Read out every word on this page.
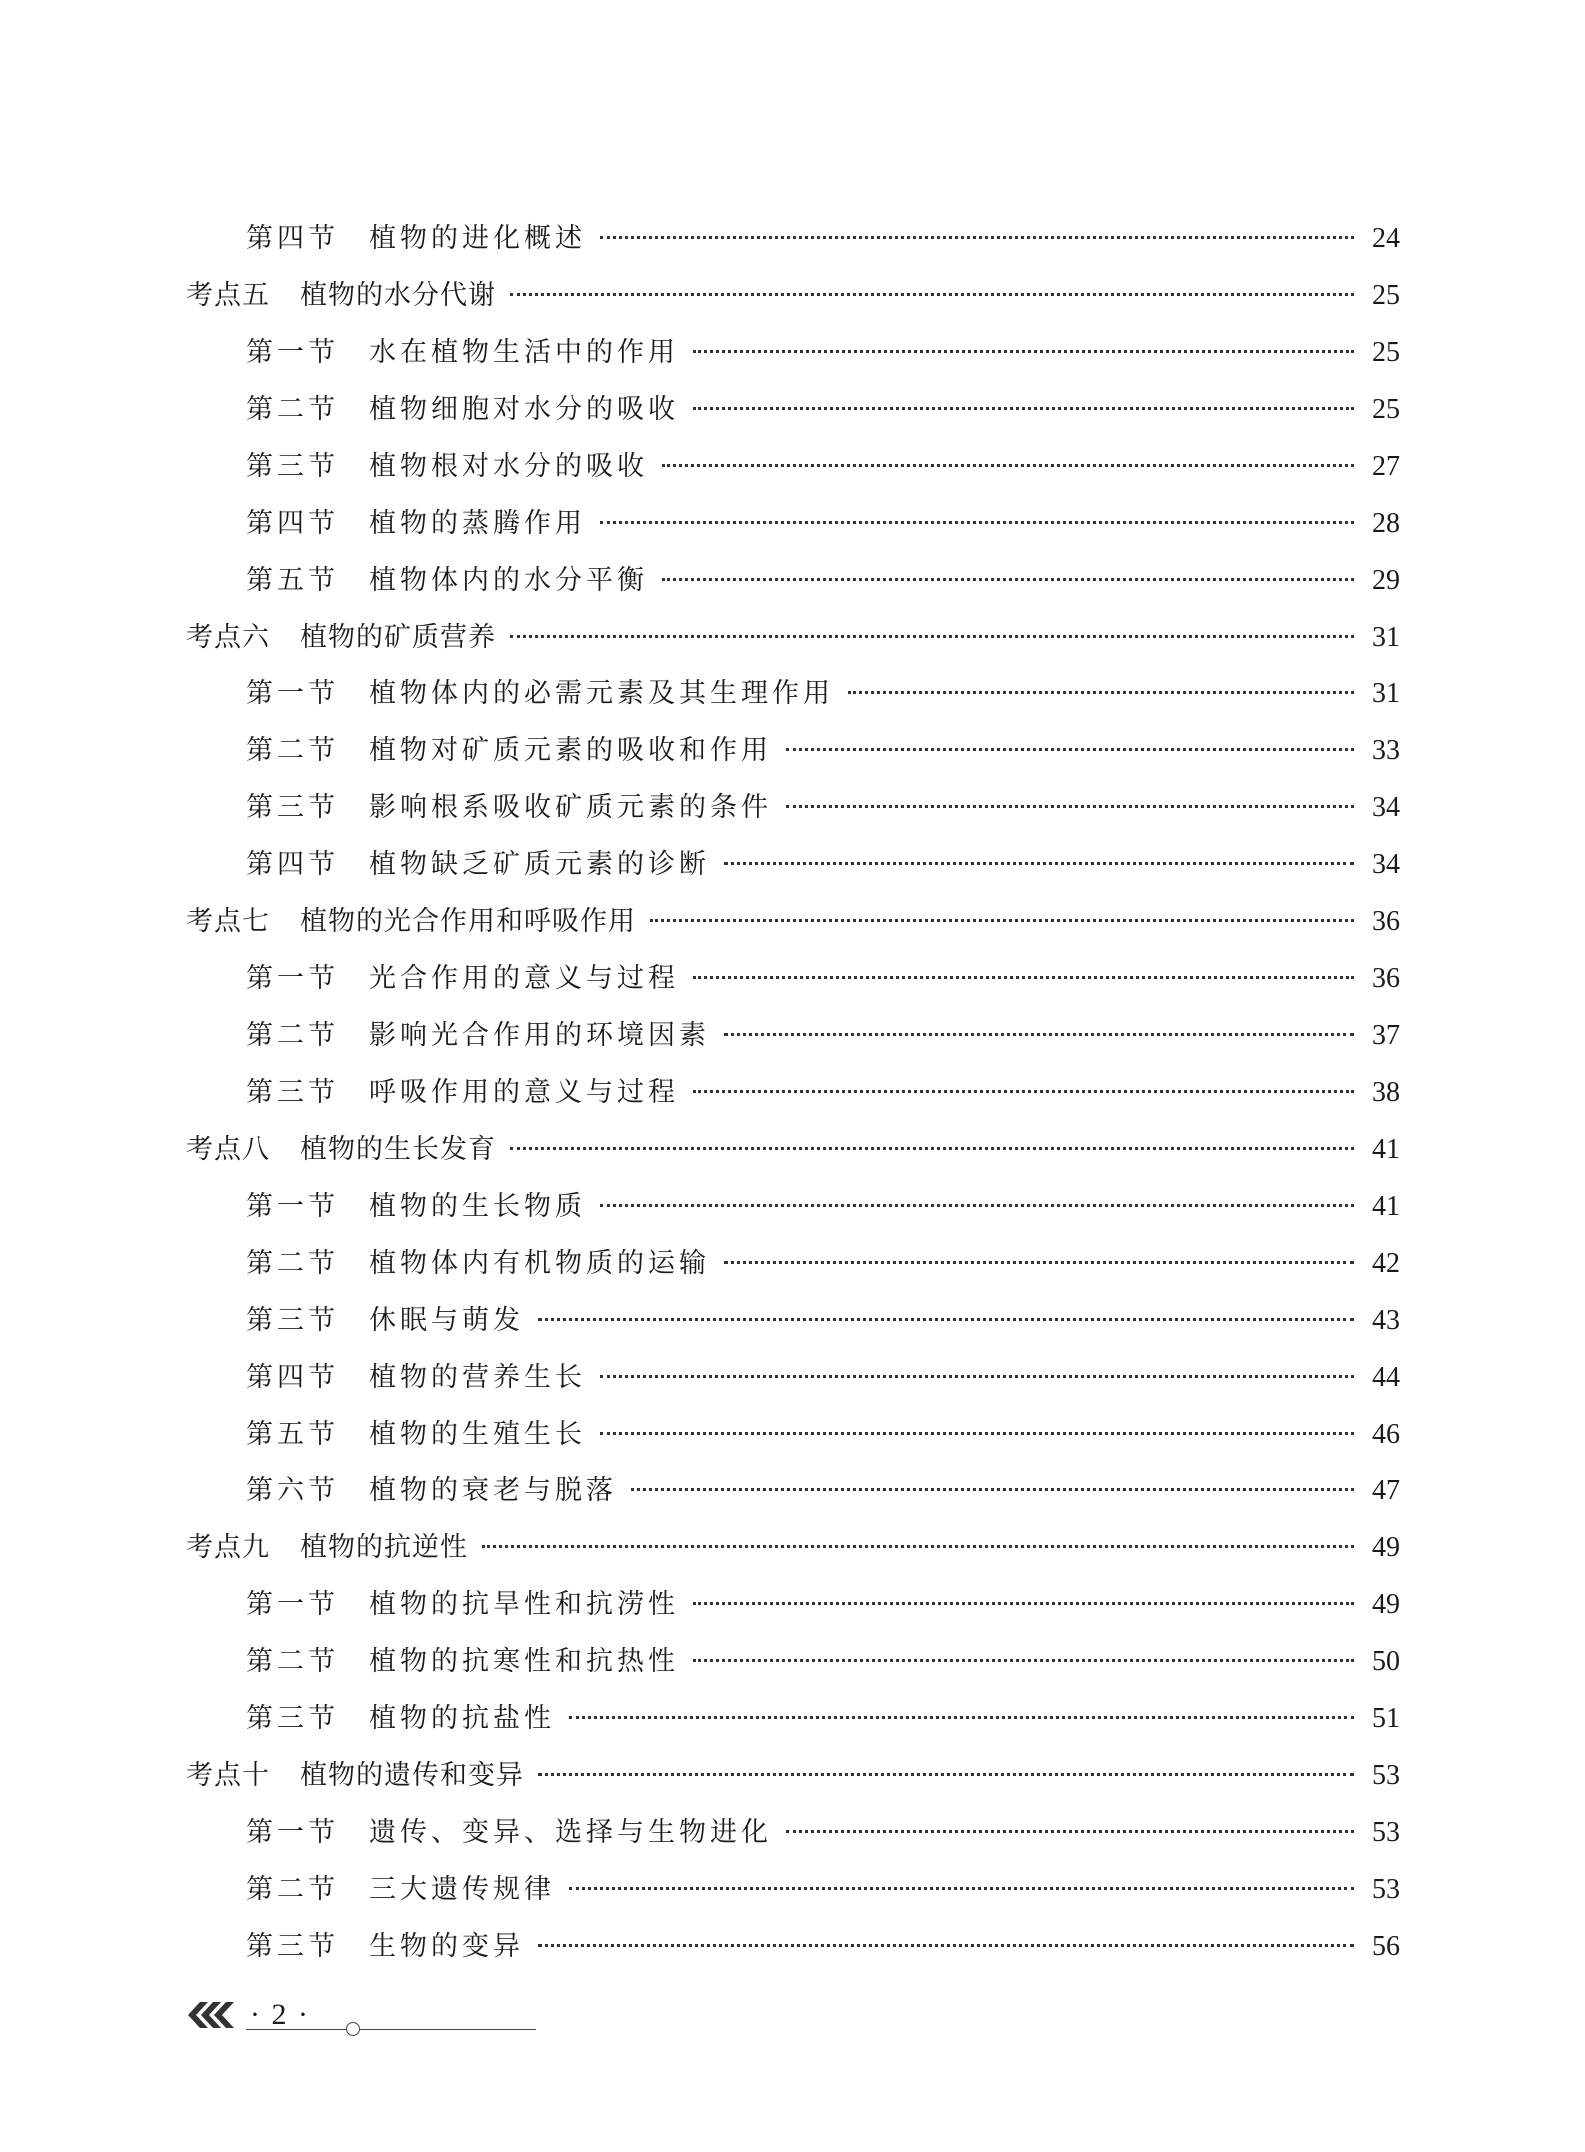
第四节 植物的进化概述	24
考点五 植物的水分代谢	25
第一节 水在植物生活中的作用	25
第二节 植物细胞对水分的吸收	25
第三节 植物根对水分的吸收	27
第四节 植物的蒸腾作用	28
第五节 植物体内的水分平衡	29
考点六 植物的矿质营养	31
第一节 植物体内的必需元素及其生理作用	31
第二节 植物对矿质元素的吸收和作用	33
第三节 影响根系吸收矿质元素的条件	34
第四节 植物缺乏矿质元素的诊断	34
考点七 植物的光合作用和呼吸作用	36
第一节 光合作用的意义与过程	36
第二节 影响光合作用的环境因素	37
第三节 呼吸作用的意义与过程	38
考点八 植物的生长发育	41
第一节 植物的生长物质	41
第二节 植物体内有机物质的运输	42
第三节 休眠与萌发	43
第四节 植物的营养生长	44
第五节 植物的生殖生长	46
第六节 植物的衰老与脱落	47
考点九 植物的抗逆性	49
第一节 植物的抗旱性和抗涝性	49
第二节 植物的抗寒性和抗热性	50
第三节 植物的抗盐性	51
考点十 植物的遗传和变异	53
第一节 遗传、变异、选择与生物进化	53
第二节 三大遗传规律	53
第三节 生物的变异	56
· 2 ·
